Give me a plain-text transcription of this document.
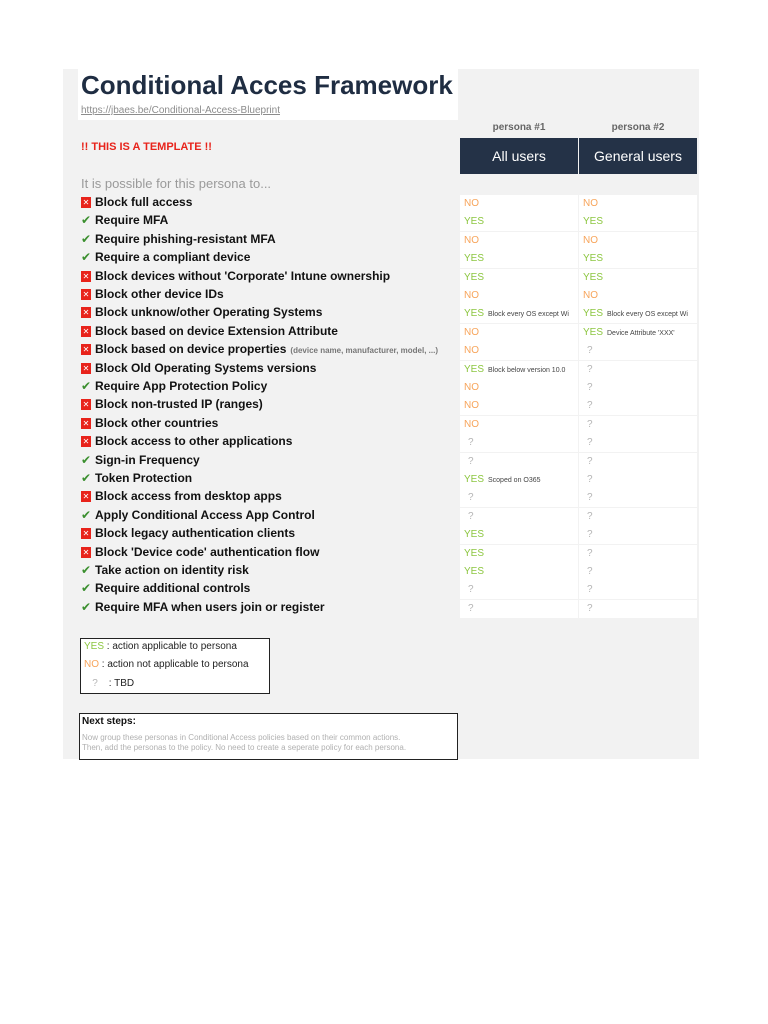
Conditional Acces Framework
https://jbaes.be/Conditional-Access-Blueprint
!! THIS IS A TEMPLATE !!
persona #1	persona #2
All users	General users
It is possible for this persona to...
✕ Block full access	NO	NO
✔ Require MFA	YES	YES
✔ Require phishing-resistant MFA	NO	NO
✔ Require a compliant device	YES	YES
✕ Block devices without 'Corporate' Intune ownership	YES	YES
✕ Block other device IDs	NO	NO
✕ Block unknow/other Operating Systems	YES Block every OS except Wi	YES Block every OS except Wi
✕ Block based on device Extension Attribute	NO	YES Device Attribute 'XXX'
✕ Block based on device properties (device name, manufacturer, model, ...)	NO	?
✕ Block Old Operating Systems versions	YES Block below version 10.0	?
✔ Require App Protection Policy	NO	?
✕ Block non-trusted IP (ranges)	NO	?
✕ Block other countries	NO	?
✕ Block access to other applications	?	?
✔ Sign-in Frequency	?	?
✔ Token Protection	YES Scoped on O365	?
✕ Block access from desktop apps	?	?
✔ Apply Conditional Access App Control	?	?
✕ Block legacy authentication clients	YES	?
✕ Block 'Device code' authentication flow	YES	?
✔ Take action on identity risk	YES	?
✔ Require additional controls	?	?
✔ Require MFA when users join or register	?	?
YES : action applicable to persona
NO : action not applicable to persona
? : TBD
Next steps:
Now group these personas in Conditional Access policies based on their common actions.
Then, add the personas to the policy. No need to create a seperate policy for each persona.
